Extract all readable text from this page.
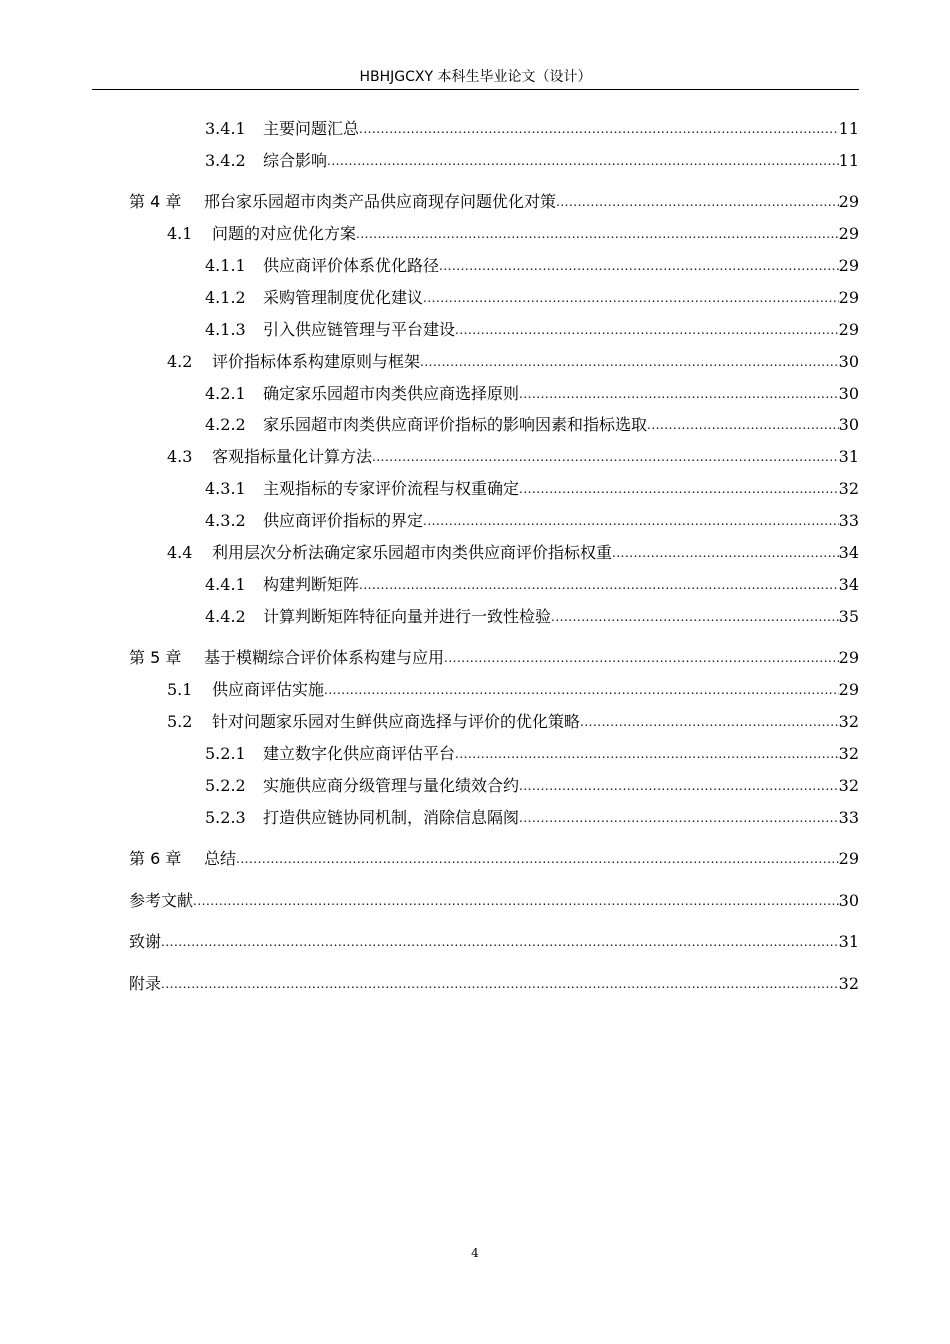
HBHJGCXY 本科生毕业论文（设计）
3.4.1	主要问题汇总 .....	11
3.4.2	综合影响 .....	11
第 4 章	邢台家乐园超市肉类产品供应商现存问题优化对策 .....	29
4.1	问题的对应优化方案 .....	29
4.1.1	供应商评价体系优化路径 .....	29
4.1.2	采购管理制度优化建议 .....	29
4.1.3	引入供应链管理与平台建设 .....	29
4.2	评价指标体系构建原则与框架 .....	30
4.2.1	确定家乐园超市肉类供应商选择原则 .....	30
4.2.2	家乐园超市肉类供应商评价指标的影响因素和指标选取 .....	30
4.3	客观指标量化计算方法 .....	31
4.3.1	主观指标的专家评价流程与权重确定 .....	32
4.3.2	供应商评价指标的界定 .....	33
4.4	利用层次分析法确定家乐园超市肉类供应商评价指标权重 .....	34
4.4.1	构建判断矩阵 .....	34
4.4.2	计算判断矩阵特征向量并进行一致性检验 .....	35
第 5 章	基于模糊综合评价体系构建与应用 .....	29
5.1	供应商评估实施 .....	29
5.2	针对问题家乐园对生鲜供应商选择与评价的优化策略 .....	32
5.2.1	建立数字化供应商评估平台 .....	32
5.2.2	实施供应商分级管理与量化绩效合约 .....	32
5.2.3	打造供应链协同机制，消除信息隔阂 .....	33
第 6 章	总结 .....	29
参考文献 .....	30
致谢 .....	31
附录 .....	32
4
